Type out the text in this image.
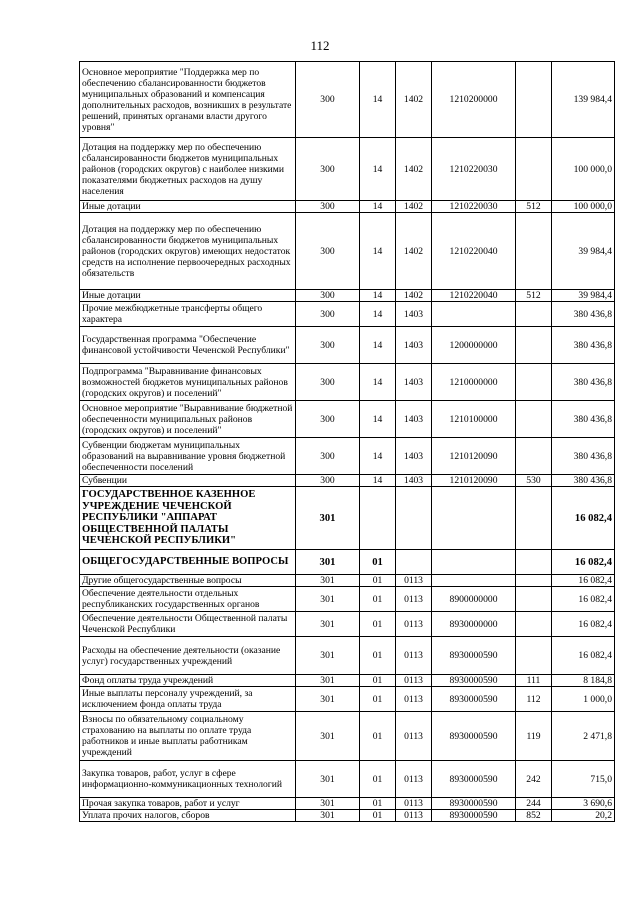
112
Основное мероприятие "Поддержка мер по обеспечению сбалансированности бюджетов муниципальных образований и компенсация дополнительных расходов, возникших в результате решений, принятых органами власти другого уровня"	300	14	1402	1210200000		139 984,4
Дотация на поддержку мер по обеспечению сбалансированности бюджетов муниципальных районов (городских округов) с наиболее низкими показателями бюджетных расходов на душу населения	300	14	1402	1210220030		100 000,0
Иные дотации	300	14	1402	1210220030	512	100 000,0
Дотация на поддержку мер по обеспечению сбалансированности бюджетов муниципальных районов (городских округов) имеющих недостаток средств на исполнение первоочередных расходных обязательств	300	14	1402	1210220040		39 984,4
Иные дотации	300	14	1402	1210220040	512	39 984,4
Прочие межбюджетные трансферты общего характера	300	14	1403			380 436,8
Государственная программа "Обеспечение финансовой устойчивости Чеченской Республики"	300	14	1403	1200000000		380 436,8
Подпрограмма "Выравнивание финансовых возможностей бюджетов муниципальных районов (городских округов) и поселений"	300	14	1403	1210000000		380 436,8
Основное мероприятие "Выравнивание бюджетной обеспеченности муниципальных районов (городских округов) и поселений"	300	14	1403	1210100000		380 436,8
Субвенции бюджетам муниципальных образований на выравнивание уровня бюджетной обеспеченности поселений	300	14	1403	1210120090		380 436,8
Субвенции	300	14	1403	1210120090	530	380 436,8
ГОСУДАРСТВЕННОЕ КАЗЕННОЕ УЧРЕЖДЕНИЕ ЧЕЧЕНСКОЙ РЕСПУБЛИКИ "АППАРАТ ОБЩЕСТВЕННОЙ ПАЛАТЫ ЧЕЧЕНСКОЙ РЕСПУБЛИКИ"	301					16 082,4
ОБЩЕГОСУДАРСТВЕННЫЕ ВОПРОСЫ	301	01				16 082,4
Другие общегосударственные вопросы	301	01	0113			16 082,4
Обеспечение деятельности отдельных республиканских государственных органов	301	01	0113	8900000000		16 082,4
Обеспечение деятельности Общественной палаты Чеченской Республики	301	01	0113	8930000000		16 082,4
Расходы на обеспечение деятельности (оказание услуг) государственных учреждений	301	01	0113	8930000590		16 082,4
Фонд оплаты труда учреждений	301	01	0113	8930000590	111	8 184,8
Иные выплаты персоналу учреждений, за исключением фонда оплаты труда	301	01	0113	8930000590	112	1 000,0
Взносы по обязательному социальному страхованию на выплаты по оплате труда работников и иные выплаты работникам учреждений	301	01	0113	8930000590	119	2 471,8
Закупка товаров, работ, услуг в сфере информационно-коммуникационных технологий	301	01	0113	8930000590	242	715,0
Прочая закупка товаров, работ и услуг	301	01	0113	8930000590	244	3 690,6
Уплата прочих налогов, сборов	301	01	0113	8930000590	852	20,2
